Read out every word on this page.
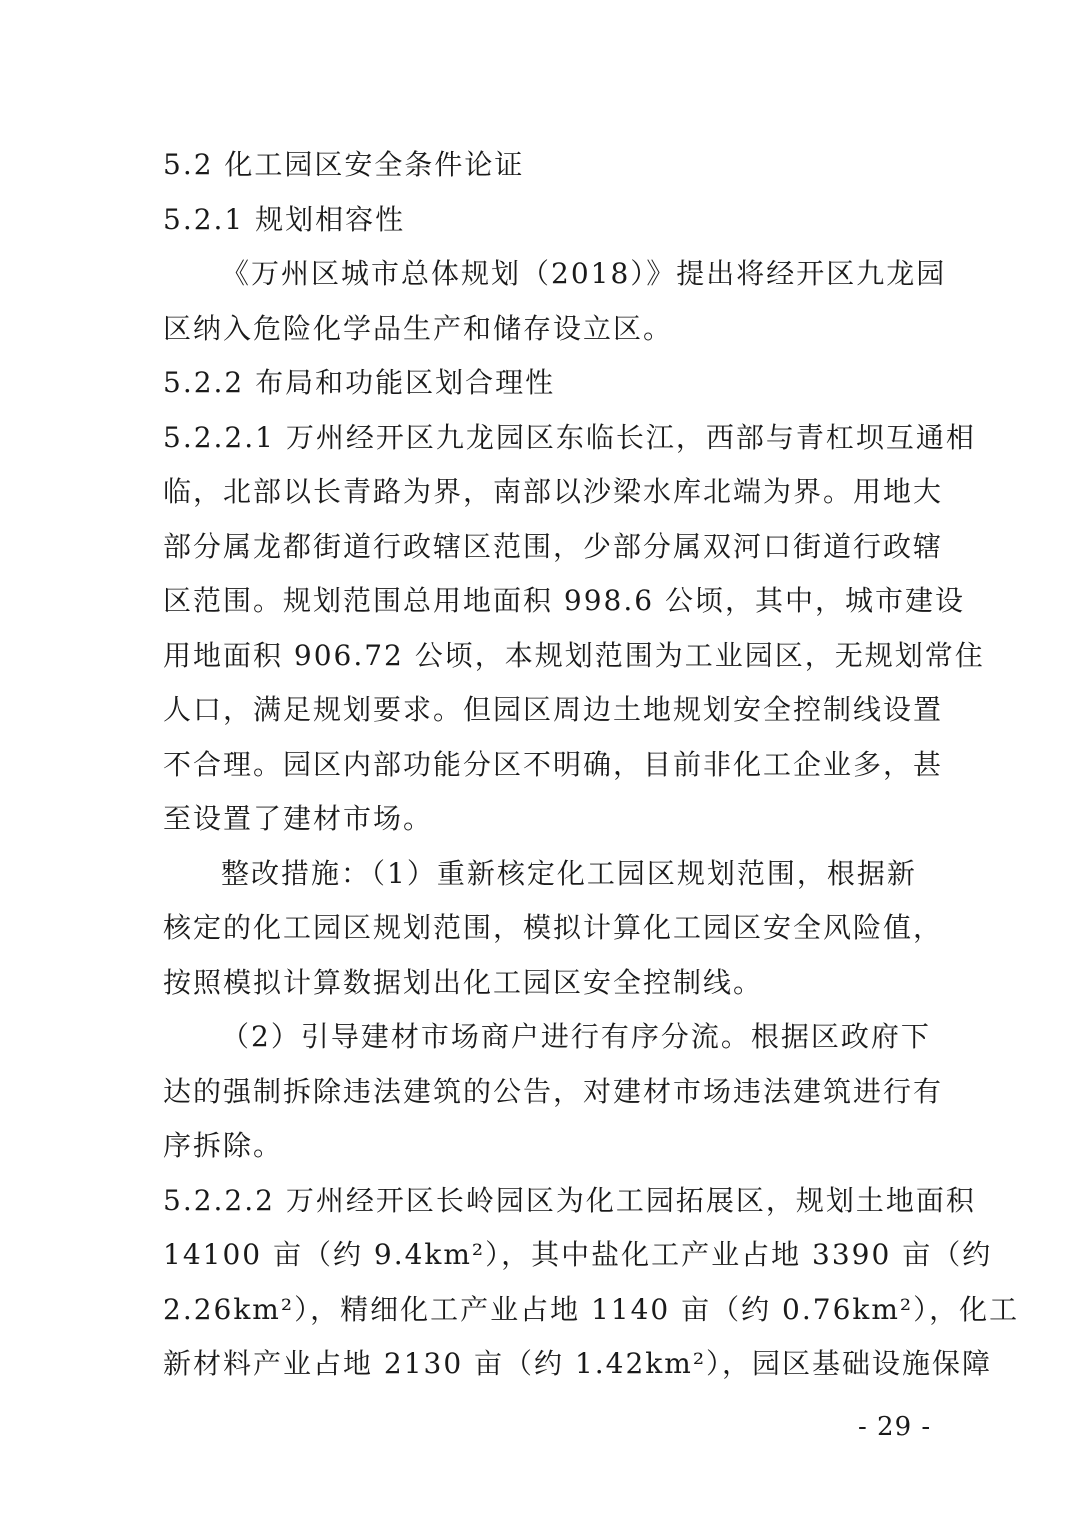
5.2 化工园区安全条件论证
5.2.1 规划相容性
《万州区城市总体规划（2018）》提出将经开区九龙园
区纳入危险化学品生产和储存设立区。
5.2.2 布局和功能区划合理性
5.2.2.1 万州经开区九龙园区东临长江，西部与青杠坝互通相
临，北部以长青路为界，南部以沙梁水库北端为界。用地大
部分属龙都街道行政辖区范围，少部分属双河口街道行政辖
区范围。规划范围总用地面积 998.6 公顷，其中，城市建设
用地面积 906.72 公顷，本规划范围为工业园区，无规划常住
人口，满足规划要求。但园区周边土地规划安全控制线设置
不合理。园区内部功能分区不明确，目前非化工企业多，甚
至设置了建材市场。
整改措施：（1）重新核定化工园区规划范围，根据新
核定的化工园区规划范围，模拟计算化工园区安全风险值，
按照模拟计算数据划出化工园区安全控制线。
（2）引导建材市场商户进行有序分流。根据区政府下
达的强制拆除违法建筑的公告，对建材市场违法建筑进行有
序拆除。
5.2.2.2 万州经开区长岭园区为化工园拓展区，规划土地面积
14100 亩（约 9.4km²），其中盐化工产业占地 3390 亩（约
2.26km²），精细化工产业占地 1140 亩（约 0.76km²），化工
新材料产业占地 2130 亩（约 1.42km²），园区基础设施保障
- 29 -
